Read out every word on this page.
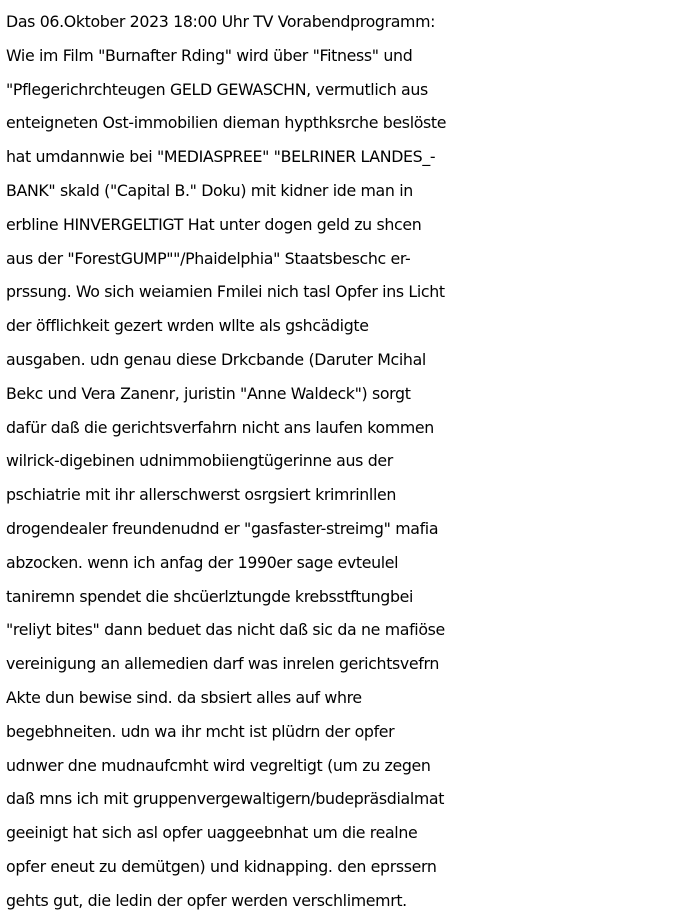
Das 06.Oktober 2023 18:00 Uhr TV Vorabendprogramm:
Wie im Film "Burnafter Rding" wird über "Fitness" und
"Pflegerichrchteugen GELD GEWASCHN, vermutlich aus
enteigneten Ost-immobilien dieman hypthksrche beslöste
hat umdannwie bei "MEDIASPREE" "BELRINER LANDES_-
BANK" skald ("Capital B." Doku) mit kidner ide man in
erbline HINVERGELTIGT Hat unter dogen geld zu shcen
aus der "ForestGUMP""/Phaidelphia" Staatsbeschc er-
prssung. Wo sich weiamien Fmilei nich tasl Opfer ins Licht
der öfflichkeit gezert wrden wllte als gshcädigte
ausgaben. udn genau diese Drkcbande (Daruter Mcihal
Bekc und Vera Zanenr, juristin "Anne Waldeck") sorgt
dafür daß die gerichtsverfahrn nicht ans laufen kommen
wilrick-digebinen udnimmobiiengtügerinne aus der
pschiatrie mit ihr allerschwerst osrgsiert krimrinllen
drogendealer freundenudnd er "gasfaster-streimg" mafia
abzocken. wenn ich anfag der 1990er sage evteulel
taniremn spendet die shcüerlztungde krebsstftungbei
"reliyt bites" dann beduet das nicht daß sic da ne mafiöse
vereinigung an allemedien darf was inrelen gerichtsvefrn
Akte dun bewise sind. da sbsiert alles auf whre
begebhneiten. udn wa ihr mcht ist plüdrn der opfer
udnwer dne mudnaufcmht wird vegreltigt (um zu zegen
daß mns ich mit gruppenvergewaltigern/budepräsdialmat
geeinigt hat sich asl opfer uaggeebnhat um die realne
opfer eneut zu demütgen) und kidnapping. den eprssern
gehts gut, die ledin der opfer werden verschlimemrt.
